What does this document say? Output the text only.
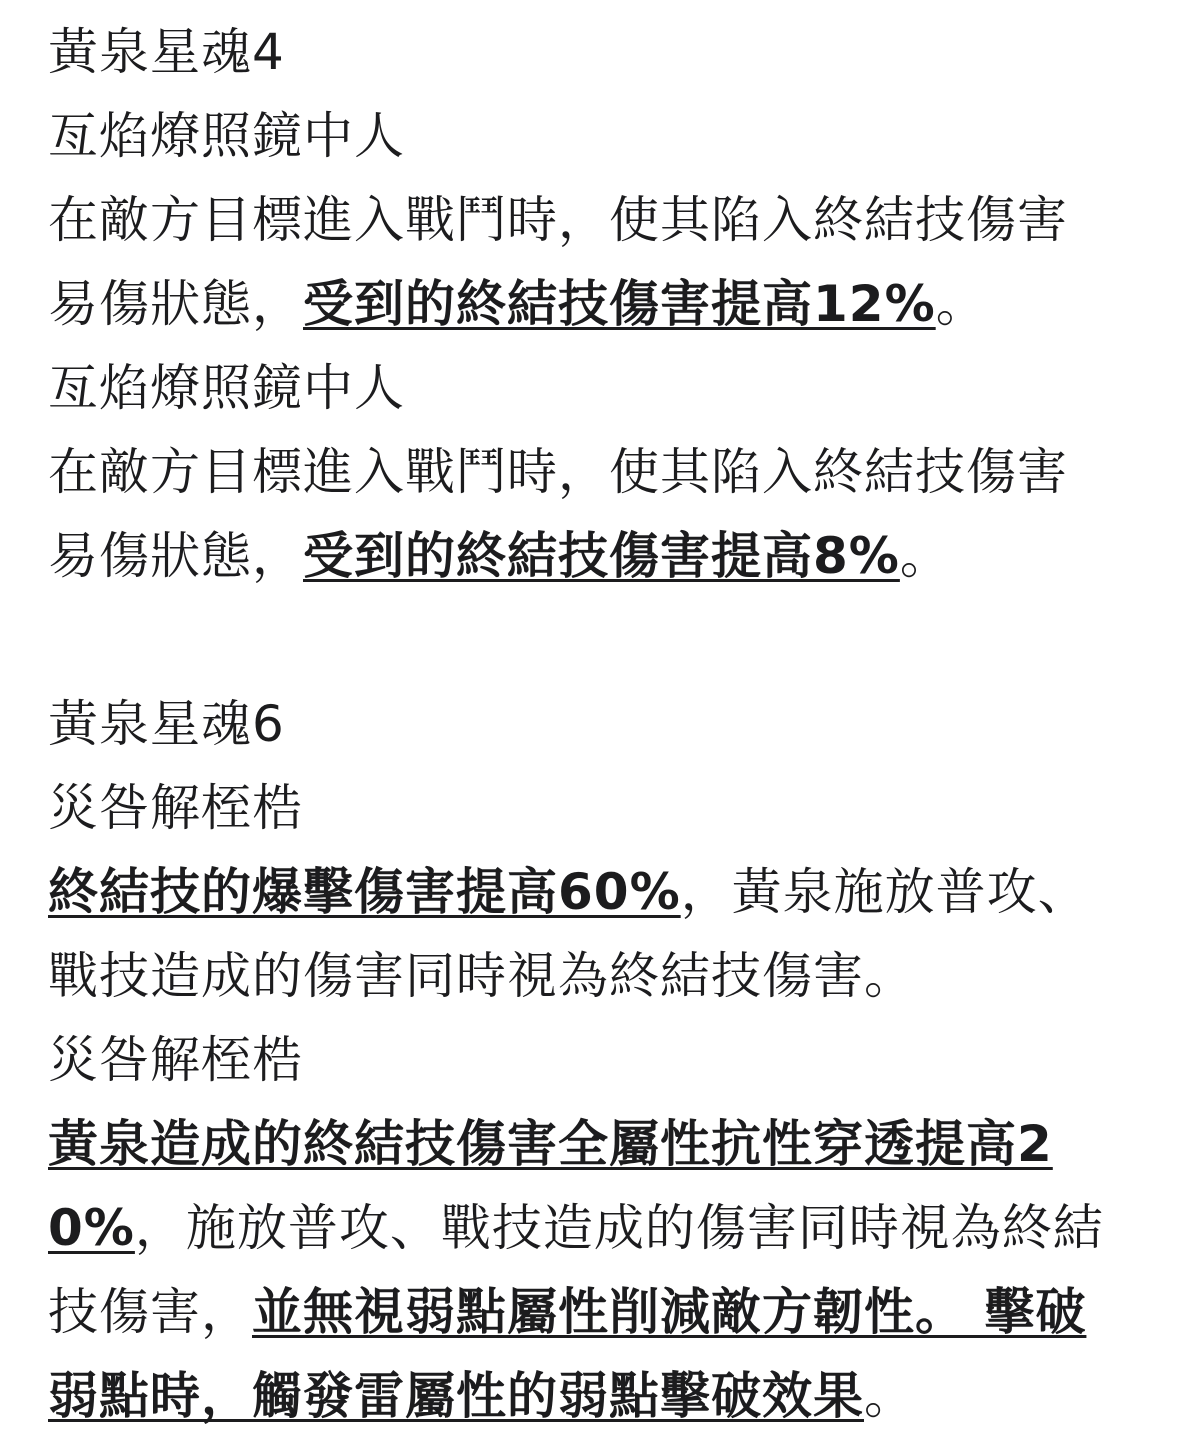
黃泉星魂4
亙焰燎照鏡中人
在敵方目標進入戰鬥時，使其陷入終結技傷害
易傷狀態，受到的終結技傷害提高12%。
亙焰燎照鏡中人
在敵方目標進入戰鬥時，使其陷入終結技傷害
易傷狀態，受到的終結技傷害提高8%。
黃泉星魂6
災咎解桎梏
終結技的爆擊傷害提高60%，黃泉施放普攻、
戰技造成的傷害同時視為終結技傷害。
災咎解桎梏
黃泉造成的終結技傷害全屬性抗性穿透提高2
0%，施放普攻、戰技造成的傷害同時視為終結
技傷害，並無視弱點屬性削減敵方韌性。 擊破
弱點時，觸發雷屬性的弱點擊破效果。
